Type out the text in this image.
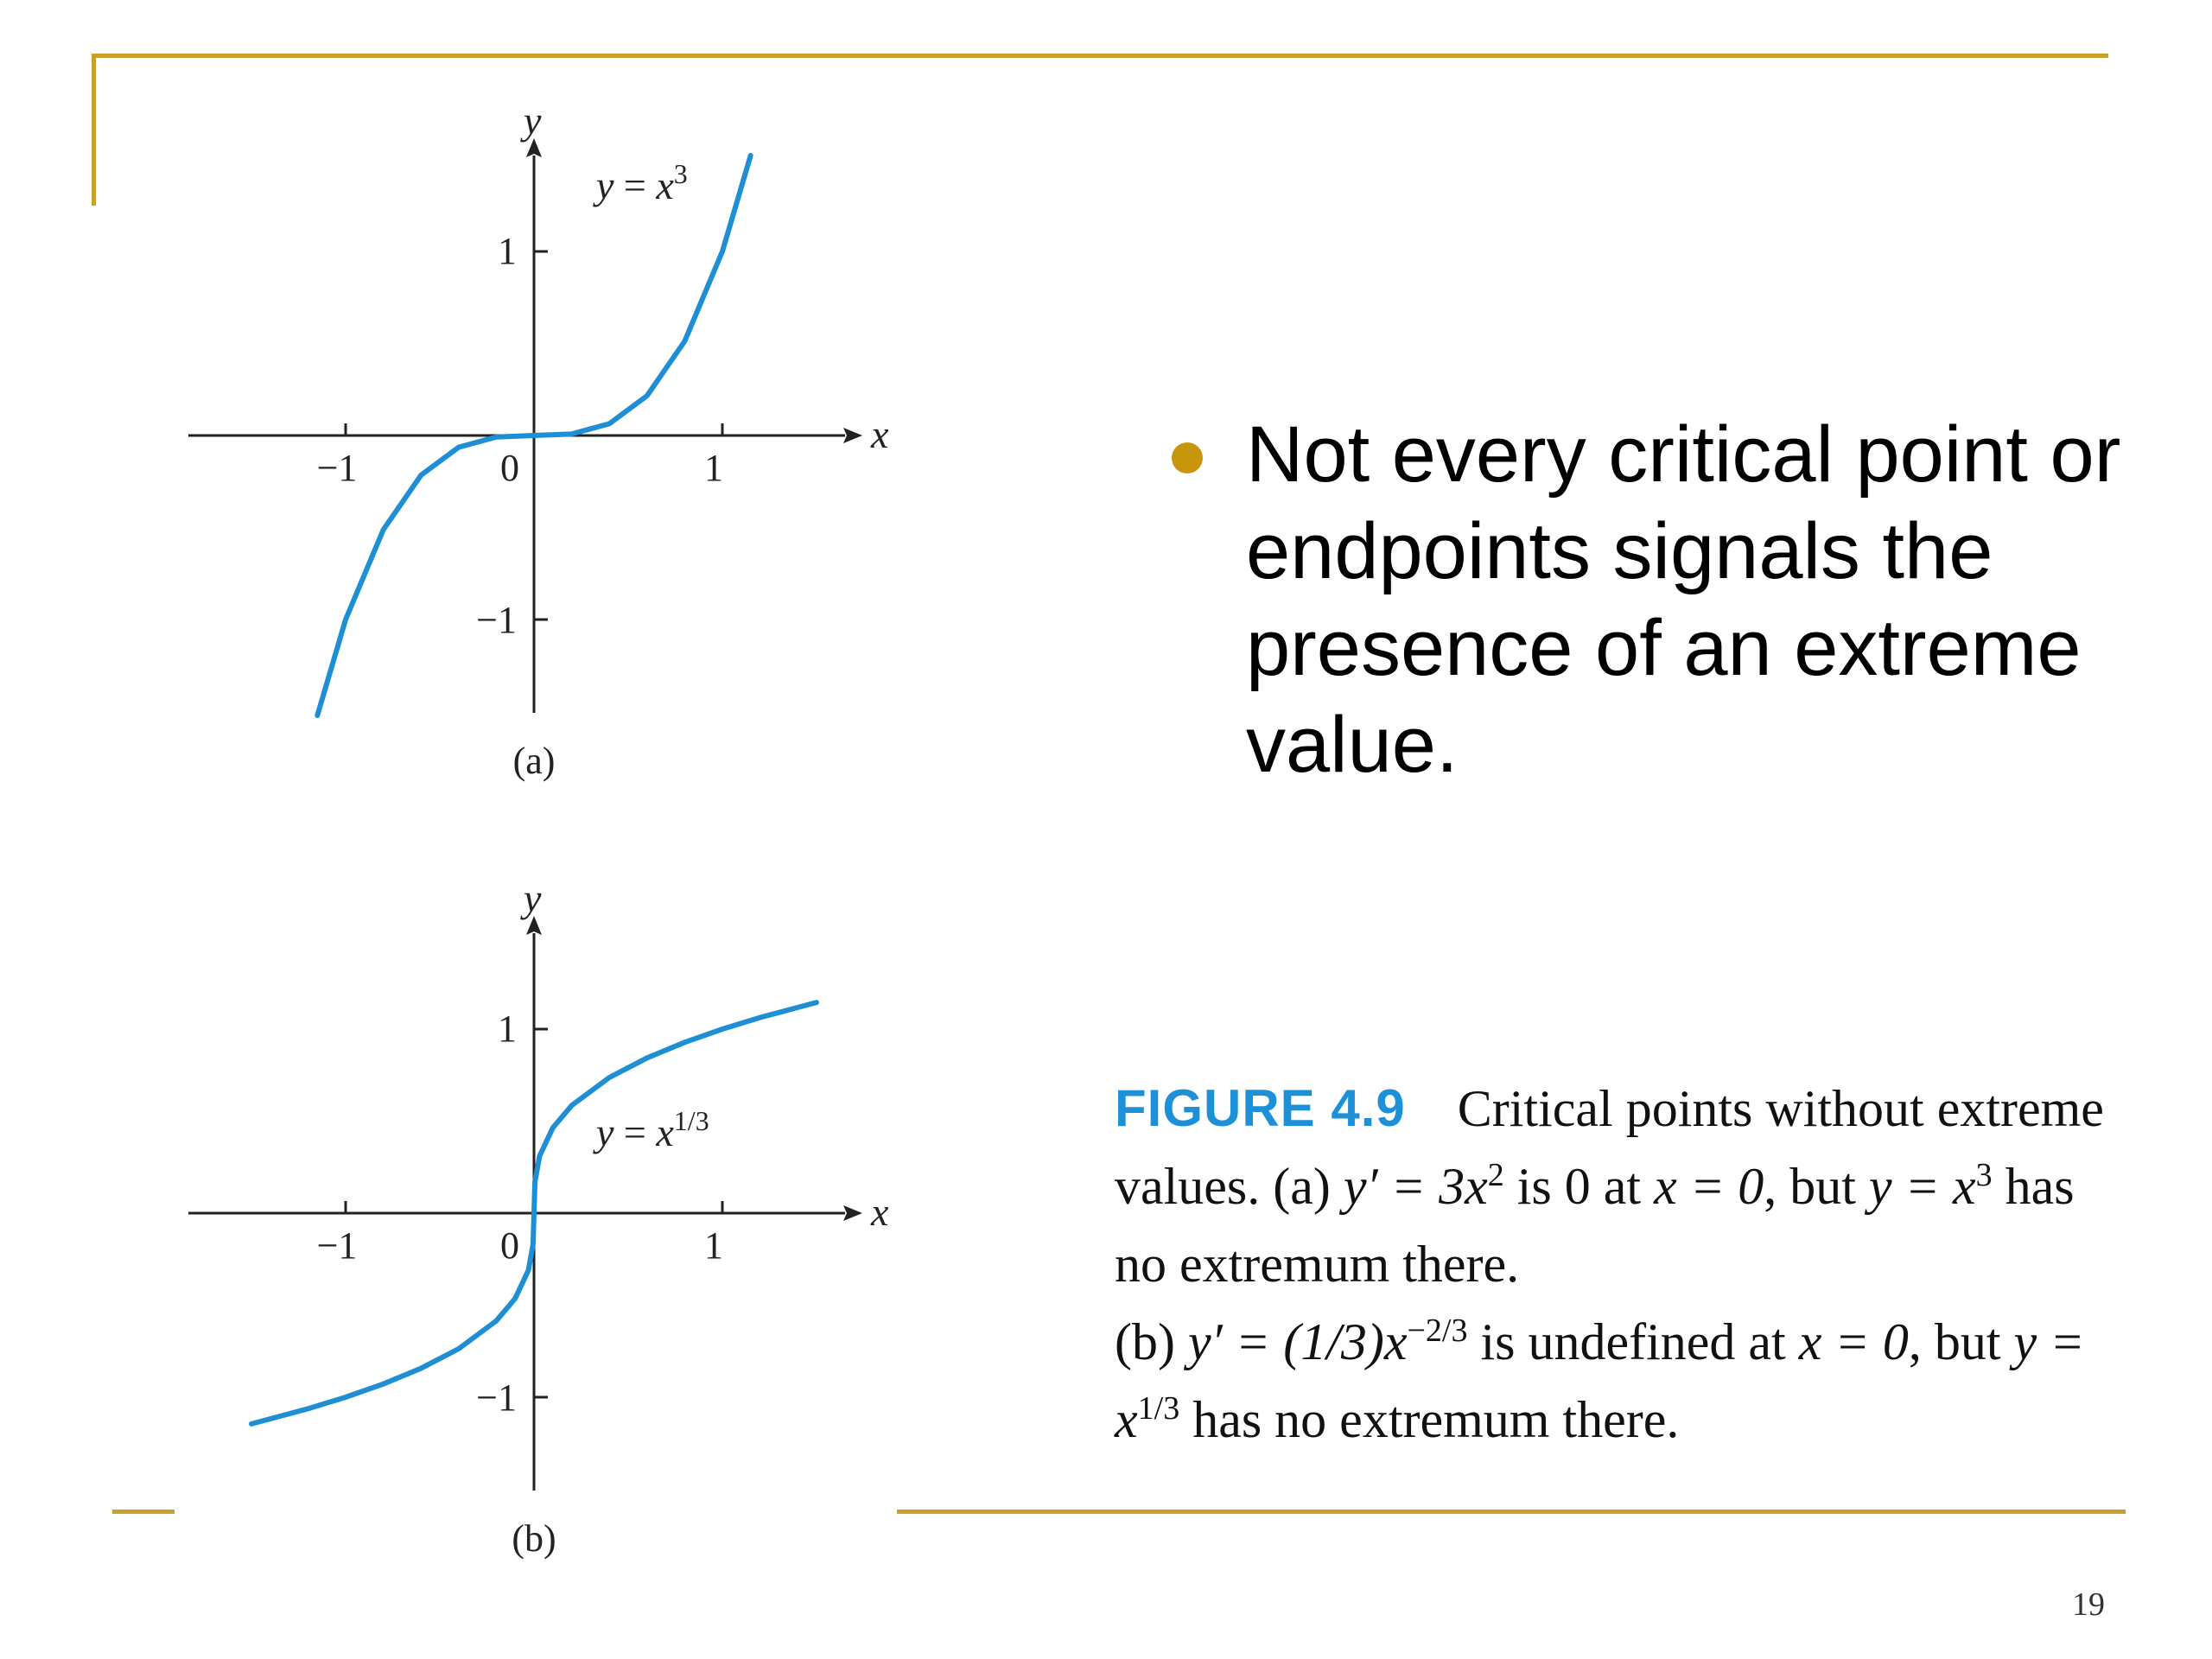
x
y
−1	1
0
1
−1
$y = x^3$
(a)
x
y
−1	1
0
1
−1
$y = x^{1/3}$
(b)

Not every critical point or endpoints signals the presence of an extreme value.

FIGURE 4.9 Critical points without extreme values. (a) $y' = 3x^2$ is 0 at x = 0, but $y = x^3$ has no extremum there.
(b) $y' = (1/3)x^{-2/3}$ is undefined at x = 0, but $y = x^{1/3}$ has no extremum there.

19
